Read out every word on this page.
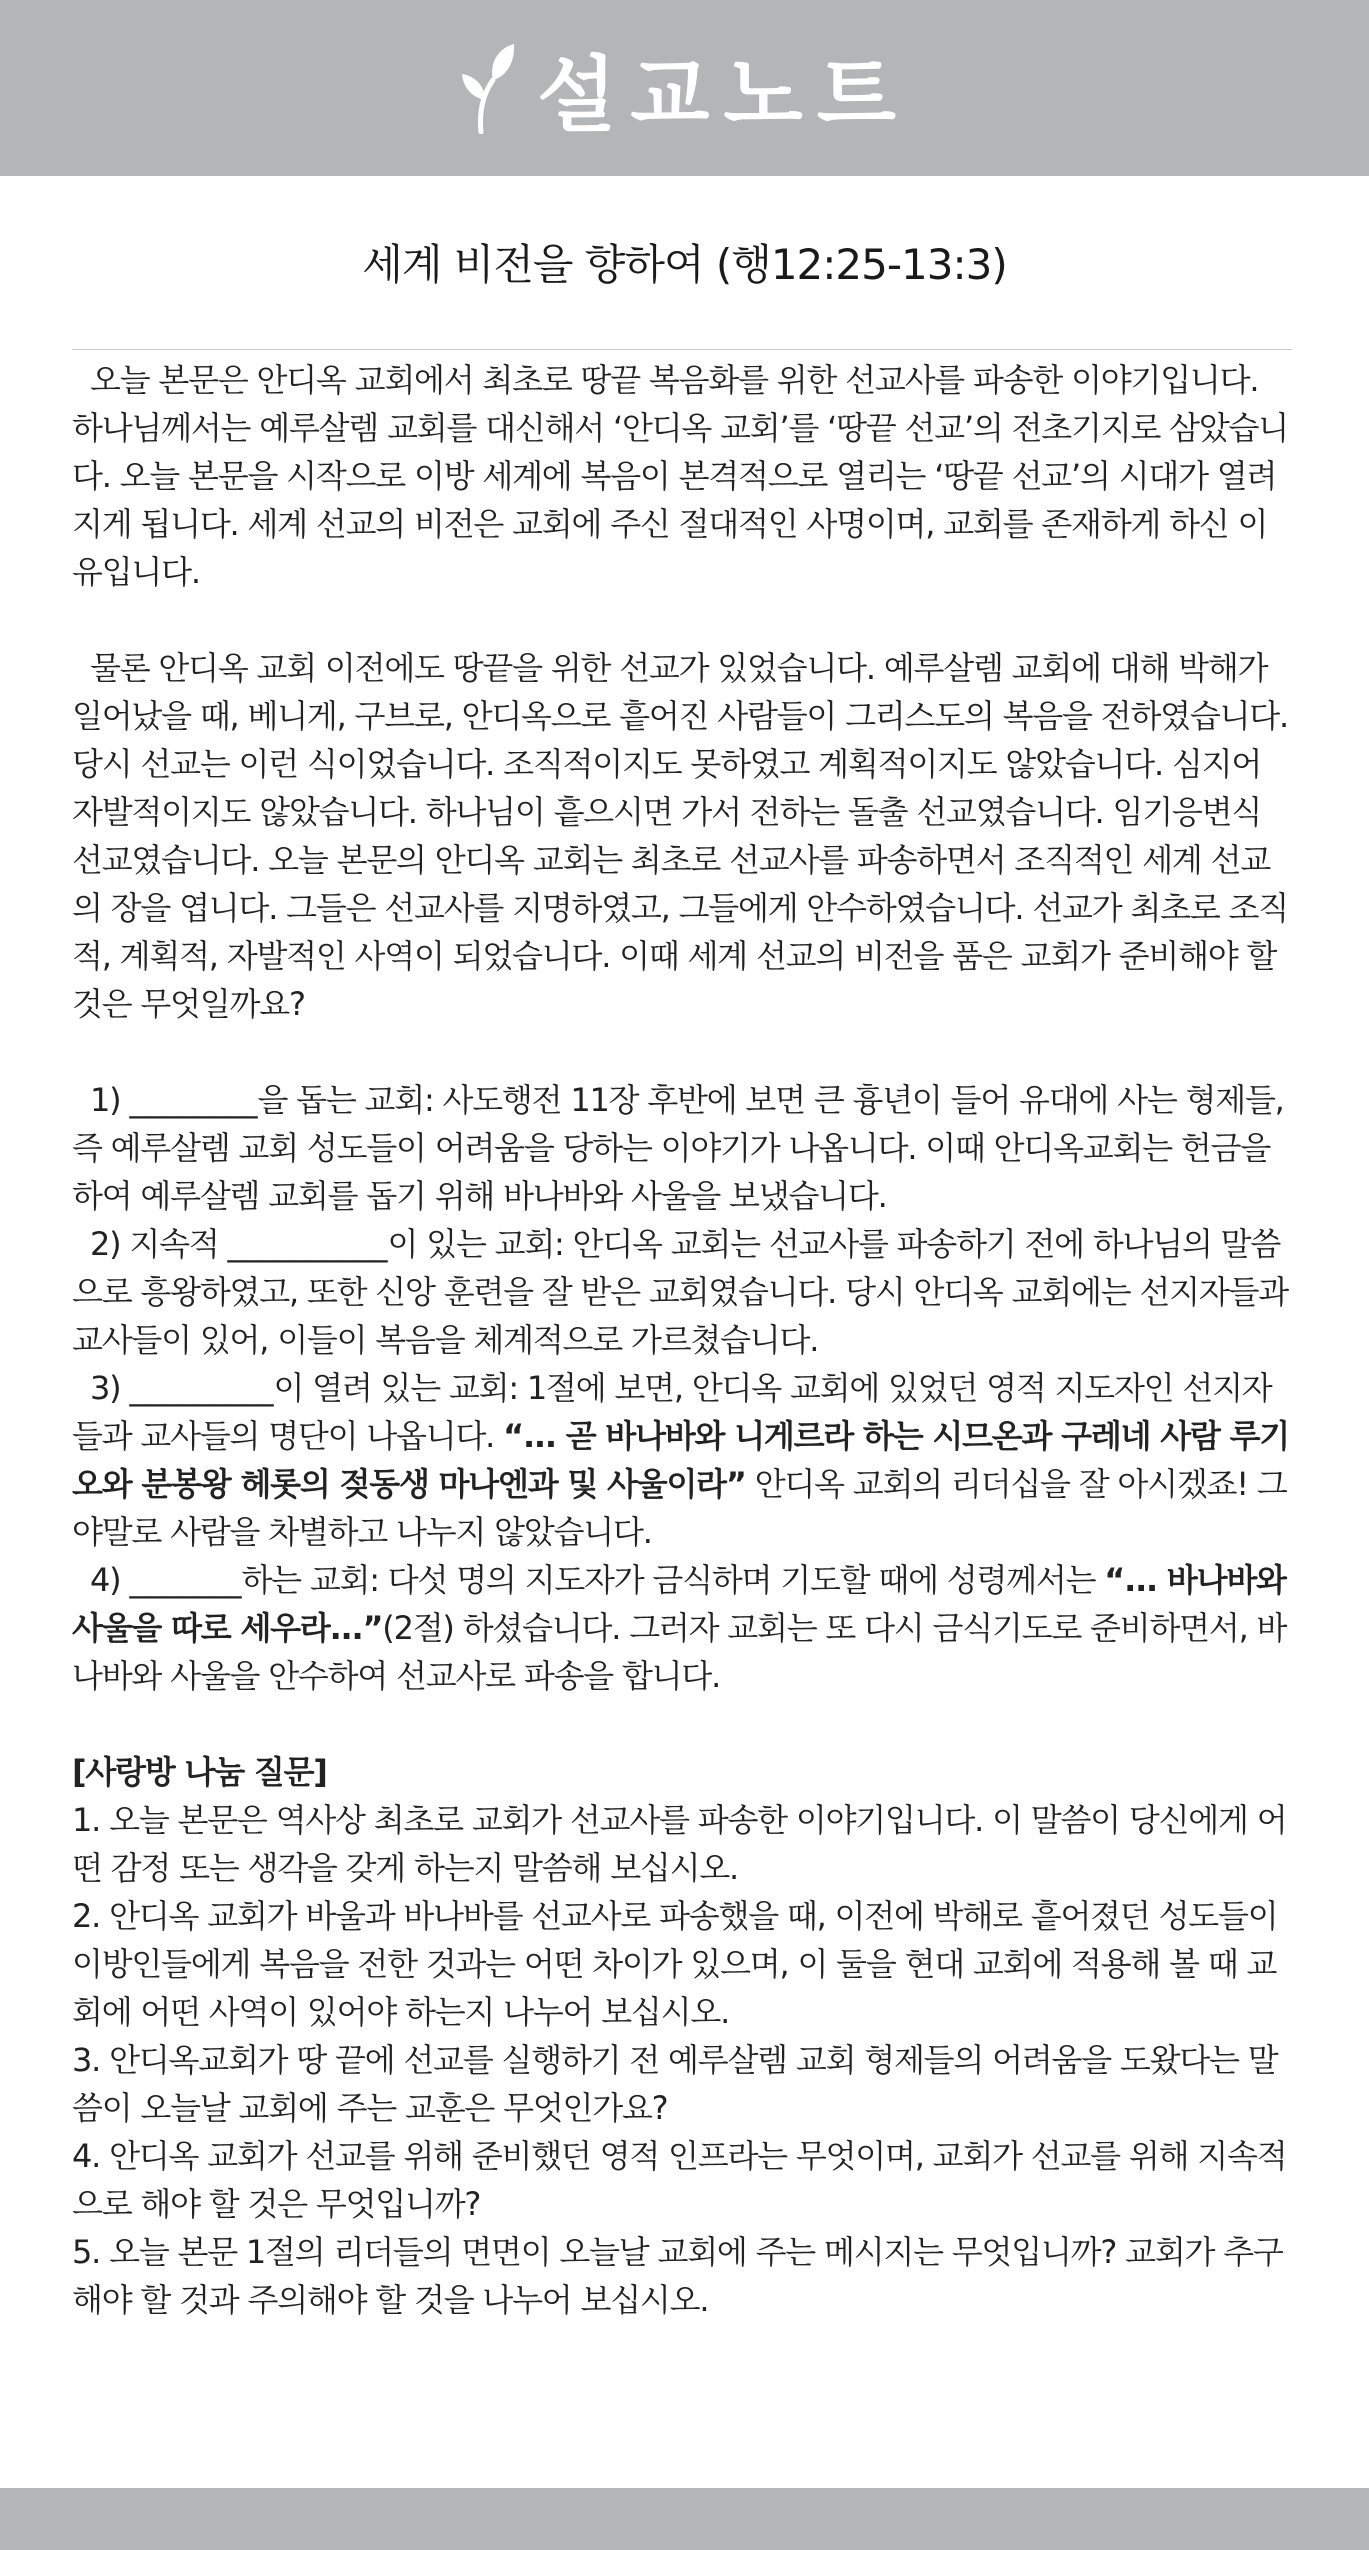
설교노트
세계 비전을 향하여 (행12:25-13:3)

오늘 본문은 안디옥 교회에서 최초로 땅끝 복음화를 위한 선교사를 파송한 이야기입니다. 하나님께서는 예루살렘 교회를 대신해서 ‘안디옥 교회’를 ‘땅끝 선교’의 전초기지로 삼았습니다. 오늘 본문을 시작으로 이방 세계에 복음이 본격적으로 열리는 ‘땅끝 선교’의 시대가 열려지게 됩니다. 세계 선교의 비전은 교회에 주신 절대적인 사명이며, 교회를 존재하게 하신 이유입니다.

물론 안디옥 교회 이전에도 땅끝을 위한 선교가 있었습니다. 예루살렘 교회에 대해 박해가 일어났을 때, 베니게, 구브로, 안디옥으로 흩어진 사람들이 그리스도의 복음을 전하였습니다. 당시 선교는 이런 식이었습니다. 조직적이지도 못하였고 계획적이지도 않았습니다. 심지어 자발적이지도 않았습니다. 하나님이 흩으시면 가서 전하는 돌출 선교였습니다. 임기응변식 선교였습니다. 오늘 본문의 안디옥 교회는 최초로 선교사를 파송하면서 조직적인 세계 선교의 장을 엽니다. 그들은 선교사를 지명하였고, 그들에게 안수하였습니다. 선교가 최초로 조직적, 계획적, 자발적인 사역이 되었습니다. 이때 세계 선교의 비전을 품은 교회가 준비해야 할 것은 무엇일까요?

1) ________을 돕는 교회: 사도행전 11장 후반에 보면 큰 흉년이 들어 유대에 사는 형제들, 즉 예루살렘 교회 성도들이 어려움을 당하는 이야기가 나옵니다. 이때 안디옥교회는 헌금을 하여 예루살렘 교회를 돕기 위해 바나바와 사울을 보냈습니다.

2) 지속적 __________이 있는 교회: 안디옥 교회는 선교사를 파송하기 전에 하나님의 말씀으로 흥왕하였고, 또한 신앙 훈련을 잘 받은 교회였습니다. 당시 안디옥 교회에는 선지자들과 교사들이 있어, 이들이 복음을 체계적으로 가르쳤습니다.

3) _________이 열려 있는 교회: 1절에 보면, 안디옥 교회에 있었던 영적 지도자인 선지자들과 교사들의 명단이 나옵니다. “... 곧 바나바와 니게르라 하는 시므온과 구레네 사람 루기오와 분봉왕 헤롯의 젖동생 마나엔과 및 사울이라” 안디옥 교회의 리더십을 잘 아시겠죠! 그야말로 사람을 차별하고 나누지 않았습니다.

4) _______하는 교회: 다섯 명의 지도자가 금식하며 기도할 때에 성령께서는 “... 바나바와 사울을 따로 세우라...”(2절) 하셨습니다. 그러자 교회는 또 다시 금식기도로 준비하면서, 바나바와 사울을 안수하여 선교사로 파송을 합니다.

[사랑방 나눔 질문]

1. 오늘 본문은 역사상 최초로 교회가 선교사를 파송한 이야기입니다. 이 말씀이 당신에게 어떤 감정 또는 생각을 갖게 하는지 말씀해 보십시오.

2. 안디옥 교회가 바울과 바나바를 선교사로 파송했을 때, 이전에 박해로 흩어졌던 성도들이 이방인들에게 복음을 전한 것과는 어떤 차이가 있으며, 이 둘을 현대 교회에 적용해 볼 때 교회에 어떤 사역이 있어야 하는지 나누어 보십시오.

3. 안디옥교회가 땅 끝에 선교를 실행하기 전 예루살렘 교회 형제들의 어려움을 도왔다는 말씀이 오늘날 교회에 주는 교훈은 무엇인가요?

4. 안디옥 교회가 선교를 위해 준비했던 영적 인프라는 무엇이며, 교회가 선교를 위해 지속적으로 해야 할 것은 무엇입니까?

5. 오늘 본문 1절의 리더들의 면면이 오늘날 교회에 주는 메시지는 무엇입니까? 교회가 추구해야 할 것과 주의해야 할 것을 나누어 보십시오.
